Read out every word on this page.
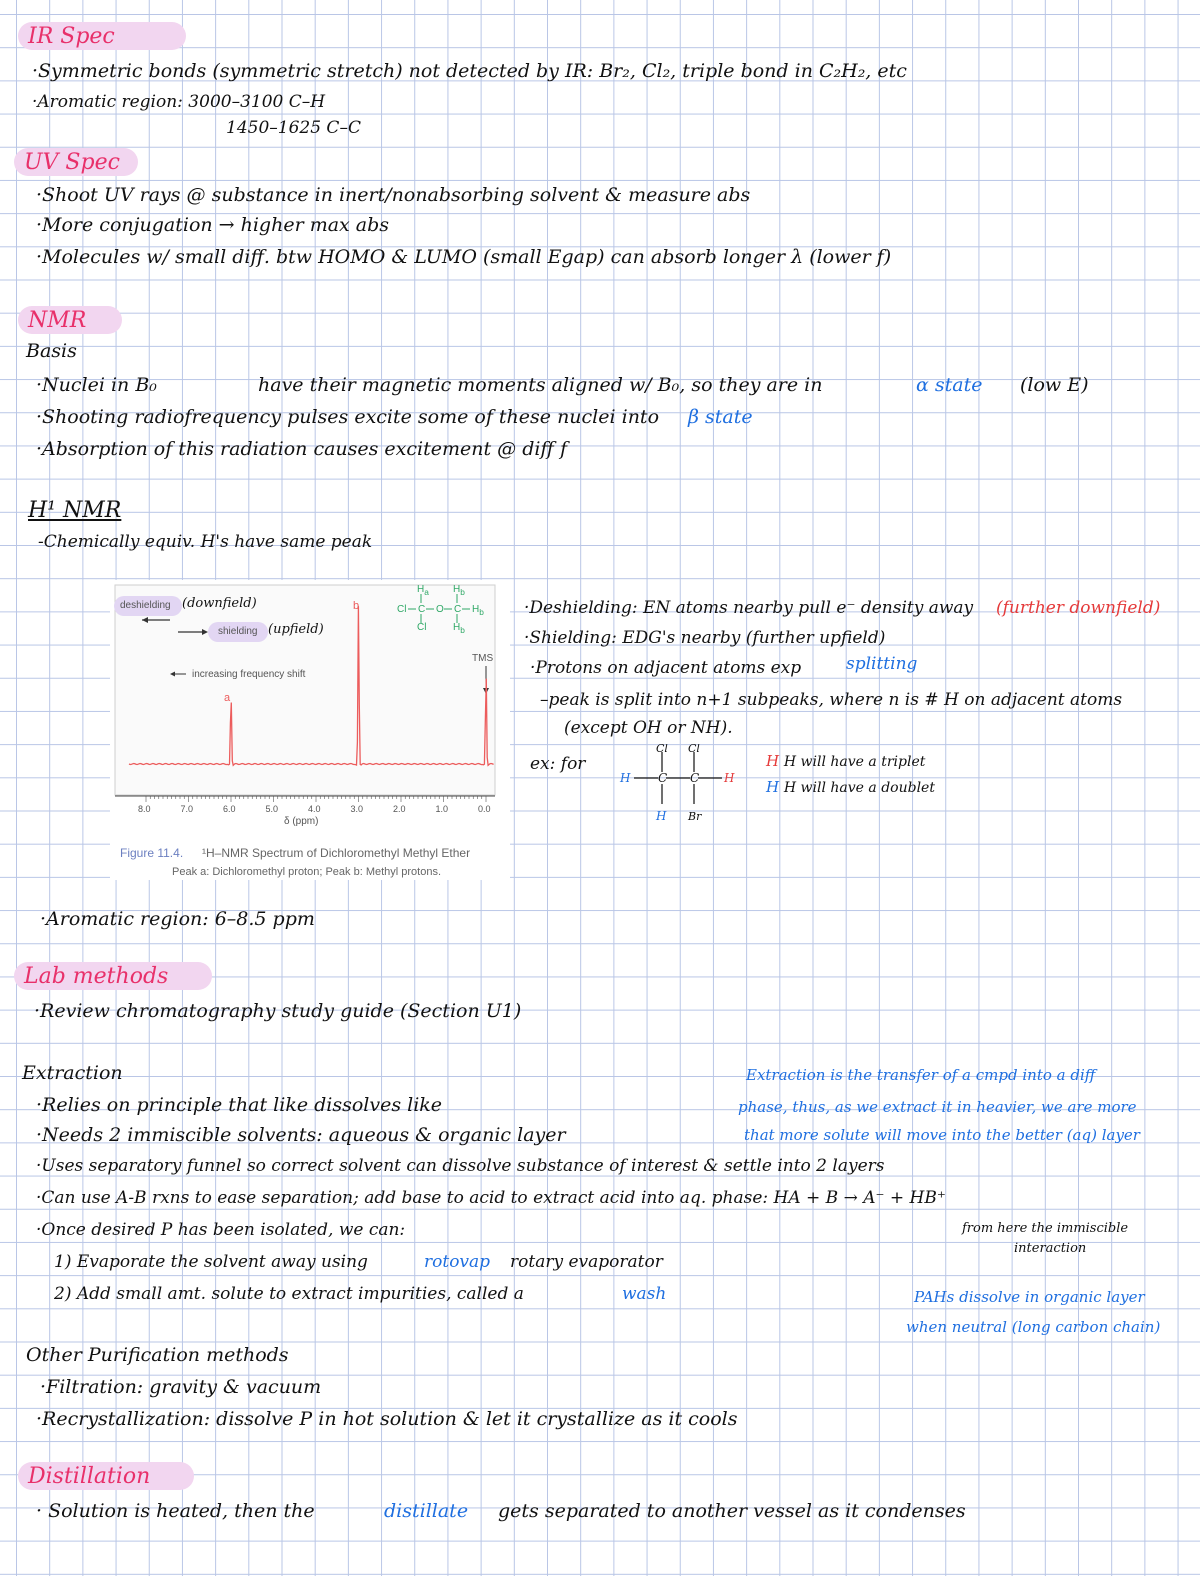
IR Spec
·Symmetric bonds (symmetric stretch) not detected by IR: Br₂, Cl₂, triple bond in C₂H₂, etc
·Aromatic region: 3000–3100 C–H
1450–1625 C–C
UV Spec
·Shoot UV rays @ substance in inert/nonabsorbing solvent & measure abs
·More conjugation → higher max abs
·Molecules w/ small diff. btw HOMO & LUMO (small Egap) can absorb longer λ (lower f)
NMR
Basis
·Nuclei in B₀	have their magnetic moments aligned w/ B₀, so they are in	α state (low E)
·Shooting radiofrequency pulses excite some of these nuclei into β state
·Absorption of this radiation causes excitement @ diff f
H¹ NMR
-Chemically equiv. H's have same peak
deshielding (downfield)
shielding (upfield)
increasing frequency shift
a
b
TMS
8.0	7.0	6.0	5.0	4.0	3.0	2.0	1.0	0.0
δ (ppm)
Figure 11.4. ¹H–NMR Spectrum of Dichloromethyl Methyl Ether
Peak a: Dichloromethyl proton; Peak b: Methyl protons.
Cl C O C $H_b$
$H_a$
Cl
$H_b$
$H_b$
·Deshielding: EN atoms nearby pull e⁻ density away (further downfield)
·Shielding: EDG's nearby (further upfield)
·Protons on adjacent atoms exp	splitting
–peak is split into n+1 subpeaks, where n is # H on adjacent atoms
(except OH or NH).
ex: for
H C C H
H Br
Cl Cl
H H will have a triplet
H H will have a doublet
·Aromatic region: 6–8.5 ppm
Lab methods
·Review chromatography study guide (Section U1)
Extraction
·Relies on principle that like dissolves like
·Needs 2 immiscible solvents: aqueous & organic layer
·Uses separatory funnel so correct solvent can dissolve substance of interest & settle into 2 layers
·Can use A-B rxns to ease separation; add base to acid to extract acid into aq. phase: HA + B → A⁻ + HB⁺
·Once desired P has been isolated, we can:
1) Evaporate the solvent away using	rotovap rotary evaporator
2) Add small amt. solute to extract impurities, called a	wash
Extraction is the transfer of a cmpd into a diff
phase, thus, as we extract it in heavier, we are more
that more solute will move into the better (aq) layer
from here the immiscible
interaction
PAHs dissolve in organic layer
when neutral (long carbon chain)
Other Purification methods
·Filtration: gravity & vacuum
·Recrystallization: dissolve P in hot solution & let it crystallize as it cools
Distillation
· Solution is heated, then the	distillate gets separated to another vessel as it condenses
